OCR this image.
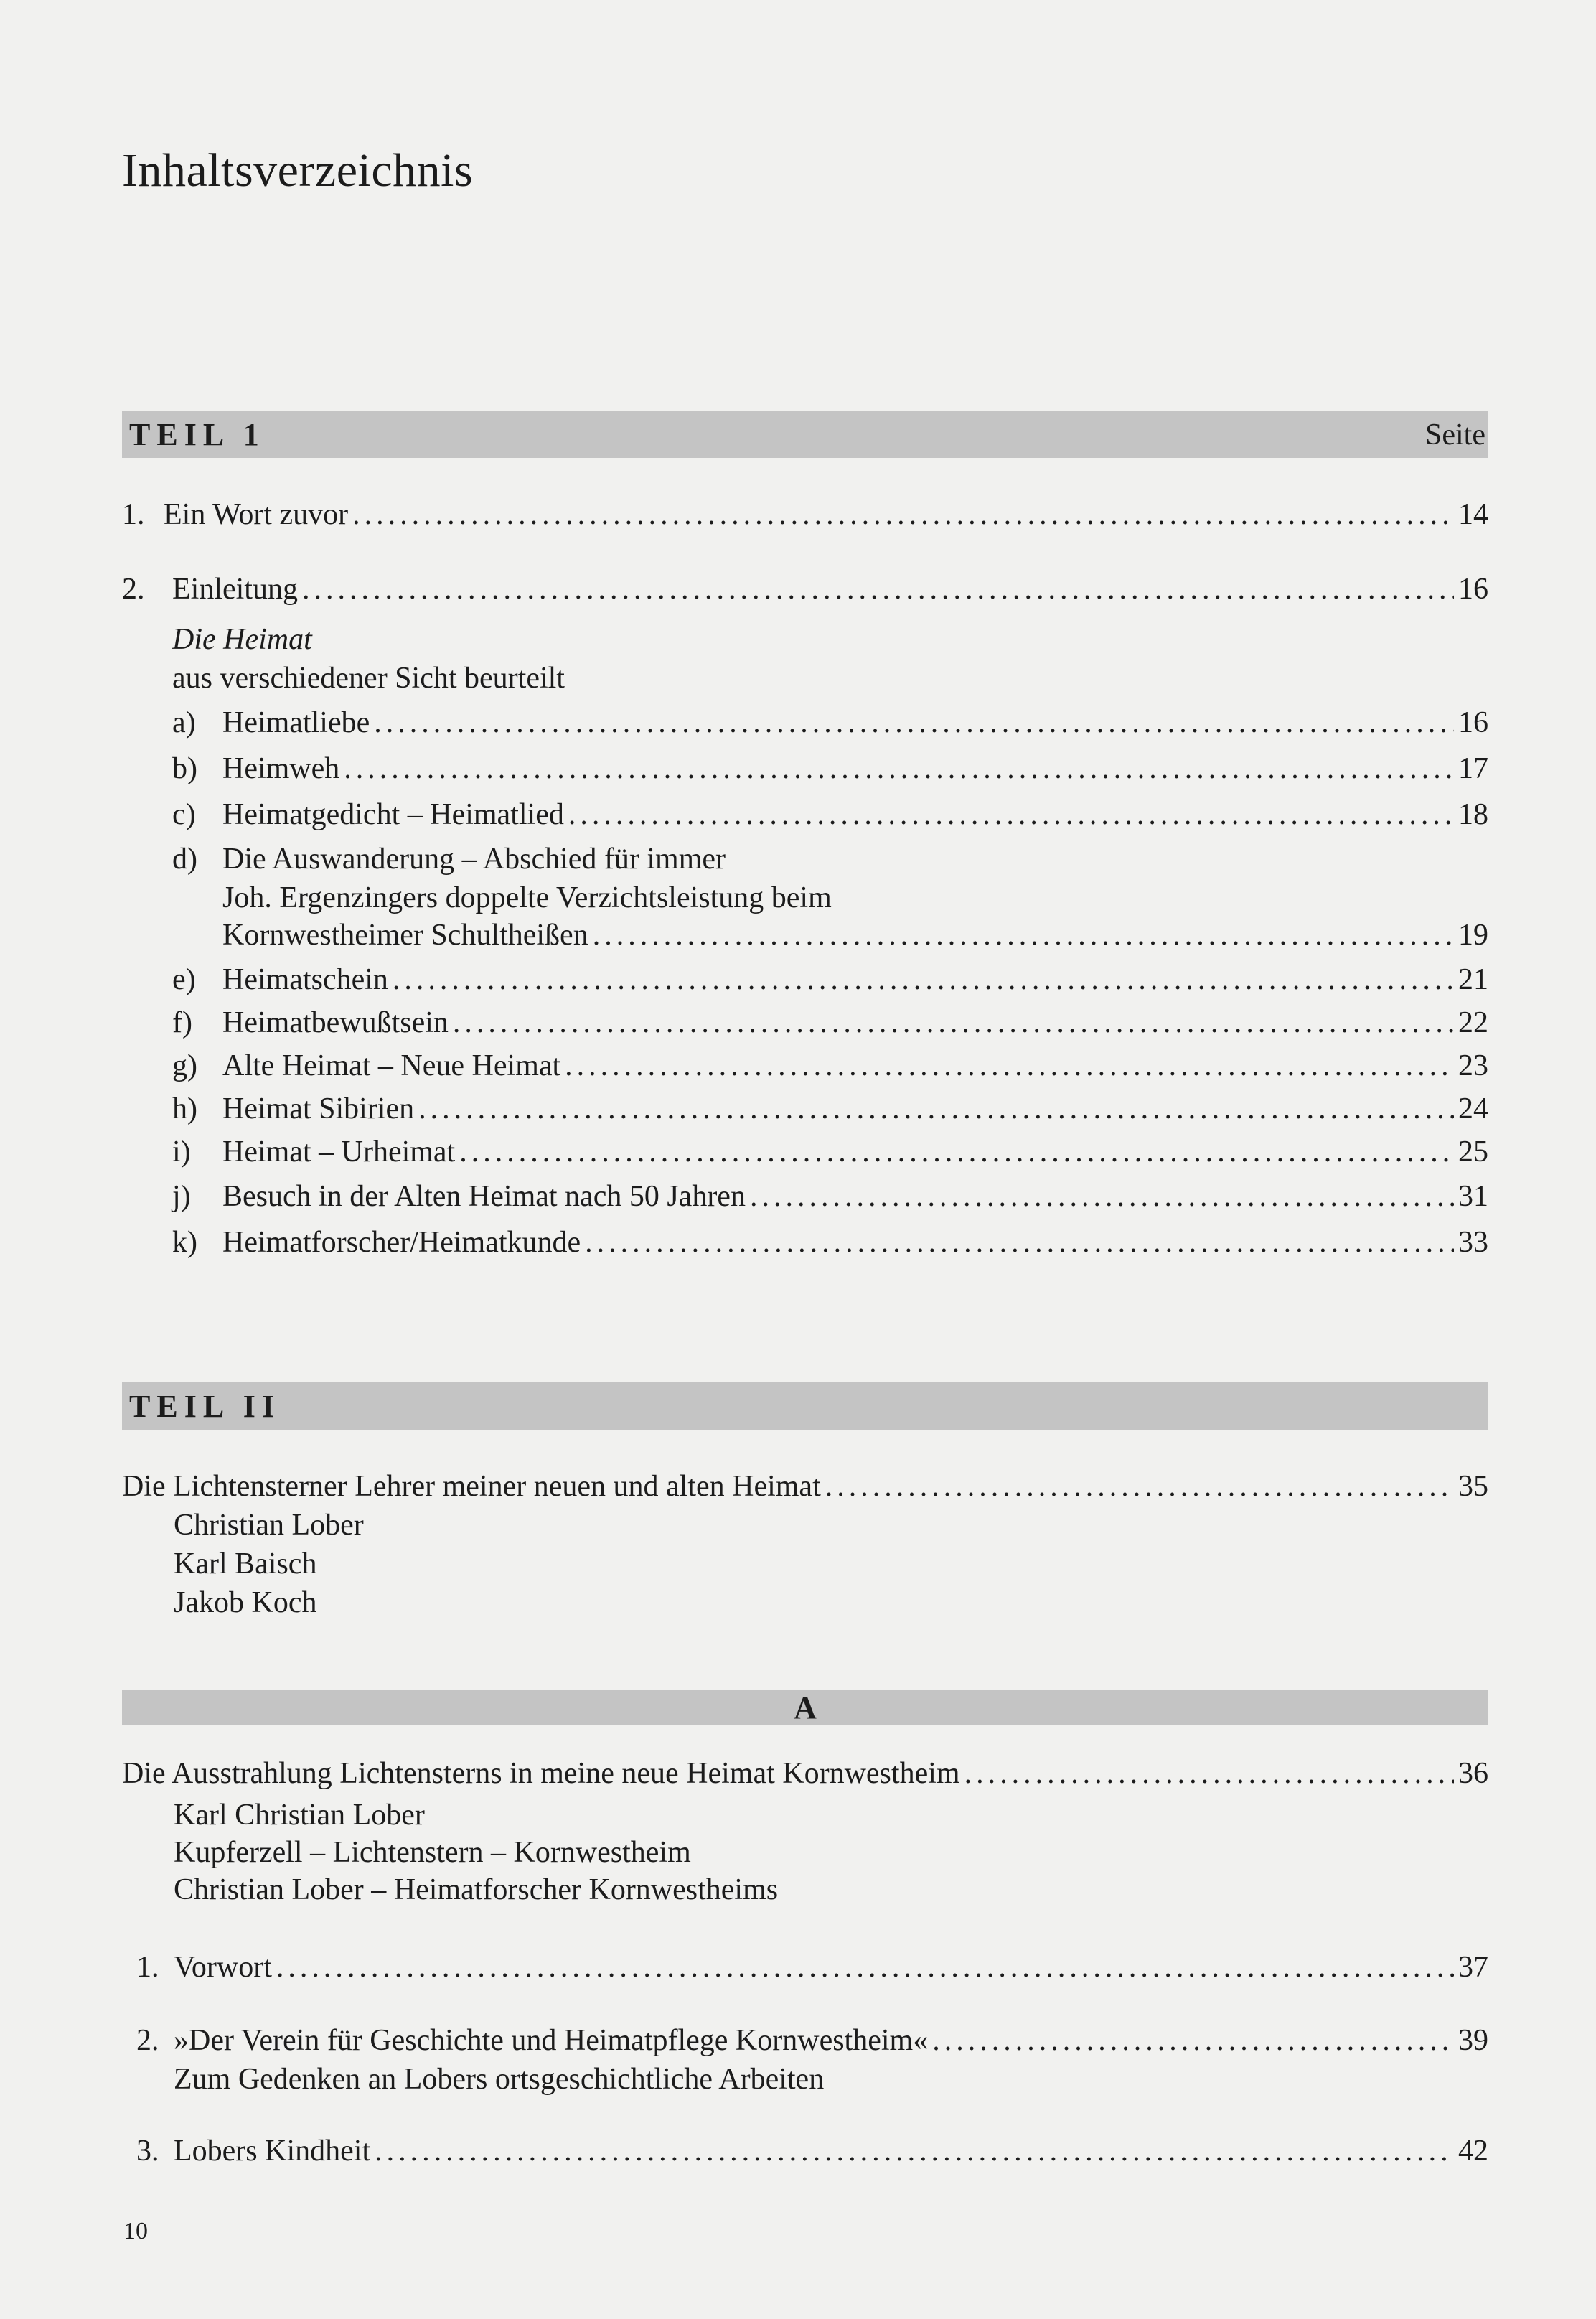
Inhaltsverzeichnis
TEIL 1	Seite
1. Ein Wort zuvor .....	14
2. Einleitung .....	16
Die Heimat
aus verschiedener Sicht beurteilt
a) Heimatliebe .....	16
b) Heimweh .....	17
c) Heimatgedicht – Heimatlied .....	18
d) Die Auswanderung – Abschied für immer
Joh. Ergenzingers doppelte Verzichtsleistung beim
Kornwestheimer Schultheißen .....	19
e) Heimatschein .....	21
f)	Heimatbewußtsein .....	22
g) Alte Heimat – Neue Heimat .....	23
h) Heimat Sibirien .....	24
i)	Heimat – Urheimat .....	25
j)	Besuch in der Alten Heimat nach 50 Jahren .....	31
k) Heimatforscher/Heimatkunde .....	33
TEIL II
Die Lichtensterner Lehrer meiner neuen und alten Heimat .....	35
Christian Lober
Karl Baisch
Jakob Koch
A
Die Ausstrahlung Lichtensterns in meine neue Heimat Kornwestheim .....	36
Karl Christian Lober
Kupferzell – Lichtenstern – Kornwestheim
Christian Lober – Heimatforscher Kornwestheims
1. Vorwort .....	37
2. »Der Verein für Geschichte und Heimatpflege Kornwestheim« .....	39
Zum Gedenken an Lobers ortsgeschichtliche Arbeiten
3. Lobers Kindheit .....	42
10
